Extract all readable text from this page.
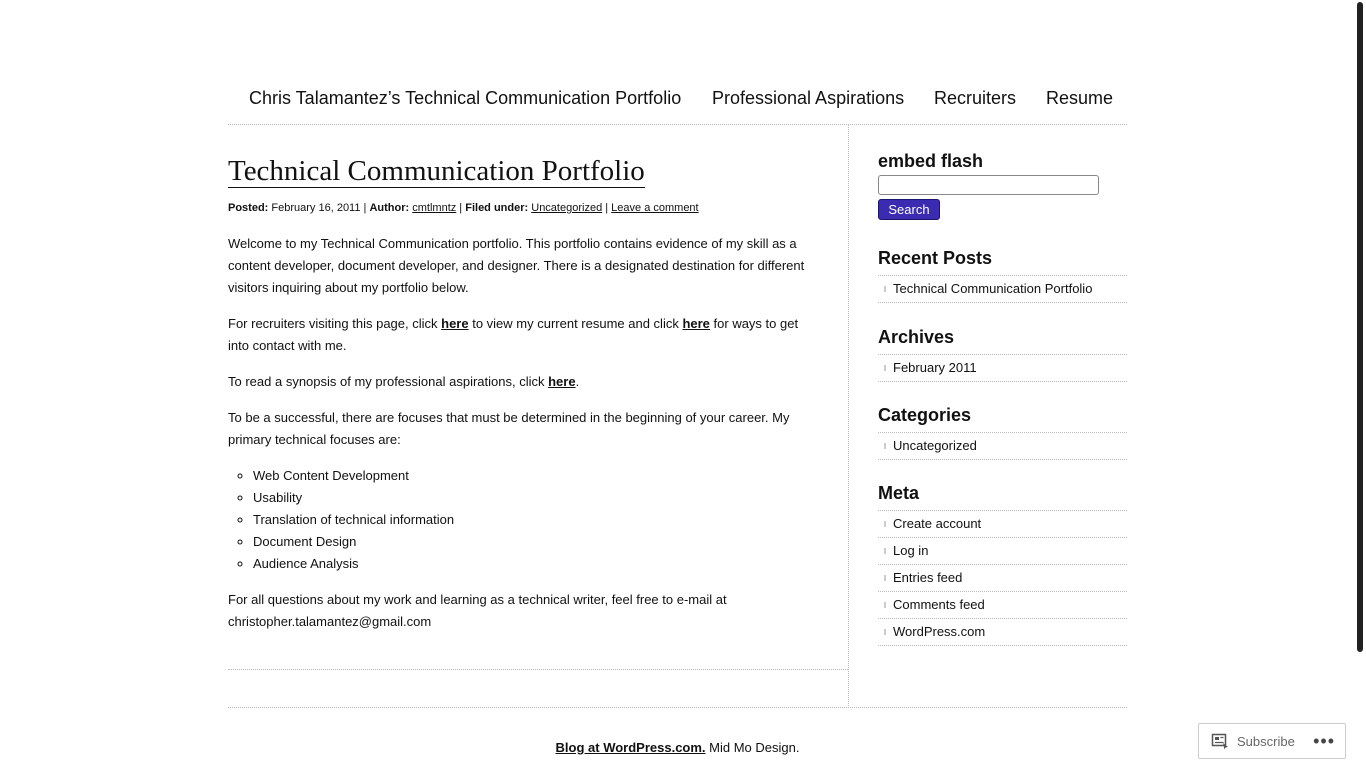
Chris Talamantez’s Technical Communication Portfolio Professional Aspirations Recruiters Resume
Technical Communication Portfolio
Posted: February 16, 2011 | Author: cmtlmntz | Filed under: Uncategorized | Leave a comment

Welcome to my Technical Communication portfolio. This portfolio contains evidence of my skill as a content developer, document developer, and designer. There is a designated destination for different visitors inquiring about my portfolio below.

For recruiters visiting this page, click here to view my current resume and click here for ways to get into contact with me.

To read a synopsis of my professional aspirations, click here.

To be a successful, there are focuses that must be determined in the beginning of your career. My primary technical focuses are:

◦ Web Content Development
◦ Usability
◦ Translation of technical information
◦ Document Design
◦ Audience Analysis

For all questions about my work and learning as a technical writer, feel free to e-mail at christopher.talamantez@gmail.com

embed flash
Search
Recent Posts
Technical Communication Portfolio
Archives
February 2011
Categories
Uncategorized
Meta
Create account
Log in
Entries feed
Comments feed
WordPress.com
Blog at WordPress.com. Mid Mo Design.	Subscribe •••
